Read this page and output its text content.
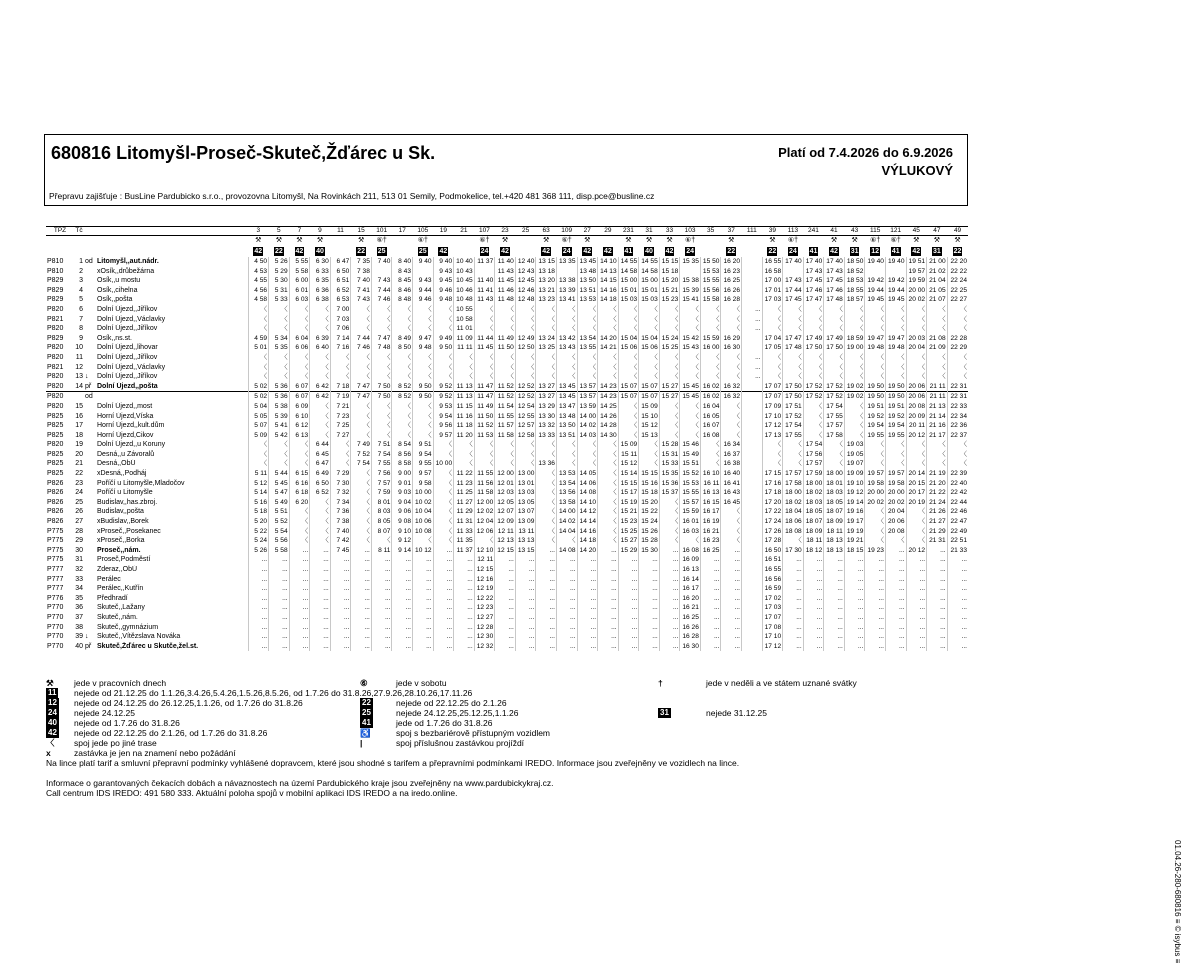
680816 Litomyšl-Proseč-Skuteč,Žďárec u Sk.	Platí od 7.4.2026 do 6.9.2026
VÝLUKOVÝ
Přepravu zajišťuje : BusLine Pardubicko s.r.o., provozovna Litomyšl, Na Rovinkách 211, 513 01 Semily, Podmokelice, tel.+420 481 368 111, disp.pce@busline.cz
TPZ	Tč			3	5	7	9	11	15	101	17	105	19	21	107	23	25	63	109	27	29	231	31	33	103	35	37	111	39	113	241	41	43	115	121	45	47	49
				⚒	⚒	⚒	⚒		⚒	⑥†		⑥†			⑥†	⚒		⚒	⑥†	⚒		⚒	⚒	⚒	⑥†		⚒		⚒	⑥†		⚒	⚒	⑥†	⑥†	⚒	⚒	⚒
				42	22	42	40		22	25		25	42		24	42		42	24	42	42	41	40	42	24		22		22	24	41	42	31	12	41	42	31	22
P810	1	od	Litomyšl,,aut.nádr.	4 50	5 26	5 55	6 30	6 47	7 35	7 40	8 40	9 40	9 40	10 40	11 37	11 40	12 40	13 15	13 35	13 45	14 10	14 55	14 55	15 15	15 35	15 50	16 20		16 55	17 40	17 40	17 40	18 50	19 40	19 40	19 51	21 00	22 20
P810	2		xOsík,,drůbežárna	4 53	5 29	5 58	6 33	6 50	7 38		8 43		9 43	10 43		11 43	12 43	13 18		13 48	14 13	14 58	14 58	15 18		15 53	16 23		16 58		17 43	17 43	18 52			19 57	21 02	22 22
P829	3		Osík,,u mostu	4 55	5 30	6 00	6 35	6 51	7 40	7 43	8 45	9 43	9 45	10 45	11 40	11 45	12 45	13 20	13 38	13 50	14 15	15 00	15 00	15 20	15 38	15 55	16 25		17 00	17 43	17 45	17 45	18 53	19 42	19 42	19 59	21 04	22 24
P829	4		Osík,,cihelna	4 56	5 31	6 01	6 36	6 52	7 41	7 44	8 46	9 44	9 46	10 46	11 41	11 46	12 46	13 21	13 39	13 51	14 16	15 01	15 01	15 21	15 39	15 56	16 26		17 01	17 44	17 46	17 46	18 55	19 44	19 44	20 00	21 05	22 25
P829	5		Osík,,pošta	4 58	5 33	6 03	6 38	6 53	7 43	7 46	8 48	9 46	9 48	10 48	11 43	11 48	12 48	13 23	13 41	13 53	14 18	15 03	15 03	15 23	15 41	15 58	16 28		17 03	17 45	17 47	17 48	18 57	19 45	19 45	20 02	21 07	22 27
P820	6		Dolní Újezd,,Jiříkov	〈	〈	〈	〈	7 00	〈	〈	〈	〈	〈	10 55	〈	〈	〈	〈	〈	〈	〈	〈	〈	〈	〈	〈	〈	...	〈	〈	〈	〈	〈	〈	〈	〈	〈	〈
P821	7		Dolní Újezd,,Václavky	〈	〈	〈	〈	7 03	〈	〈	〈	〈	〈	10 58	〈	〈	〈	〈	〈	〈	〈	〈	〈	〈	〈	〈	〈	...	〈	〈	〈	〈	〈	〈	〈	〈	〈	〈
P820	8		Dolní Újezd,,Jiříkov	〈	〈	〈	〈	7 06	〈	〈	〈	〈	〈	11 01	〈	〈	〈	〈	〈	〈	〈	〈	〈	〈	〈	〈	〈	...	〈	〈	〈	〈	〈	〈	〈	〈	〈	〈
P829	9		Osík,,ns.st.	4 59	5 34	6 04	6 39	7 14	7 44	7 47	8 49	9 47	9 49	11 09	11 44	11 49	12 49	13 24	13 42	13 54	14 20	15 04	15 04	15 24	15 42	15 59	16 29		17 04	17 47	17 49	17 49	18 59	19 47	19 47	20 03	21 08	22 28
P820	10		Dolní Újezd,,lihovar	5 01	5 35	6 06	6 40	7 16	7 46	7 48	8 50	9 48	9 50	11 11	11 45	11 50	12 50	13 25	13 43	13 55	14 21	15 06	15 06	15 25	15 43	16 00	16 30		17 05	17 48	17 50	17 50	19 00	19 48	19 48	20 04	21 09	22 29
P820	11		Dolní Újezd,,Jiříkov	〈	〈	〈	〈	〈	〈	〈	〈	〈	〈	〈	〈	〈	〈	〈	〈	〈	〈	〈	〈	〈	〈	〈	〈	...	〈	〈	〈	〈	〈	〈	〈	〈	〈	〈
P821	12		Dolní Újezd,,Václavky	〈	〈	〈	〈	〈	〈	〈	〈	〈	〈	〈	〈	〈	〈	〈	〈	〈	〈	〈	〈	〈	〈	〈	〈	...	〈	〈	〈	〈	〈	〈	〈	〈	〈	〈
P820	13	↓	Dolní Újezd,,Jiříkov	〈	〈	〈	〈	〈	〈	〈	〈	〈	〈	〈	〈	〈	〈	〈	〈	〈	〈	〈	〈	〈	〈	〈	〈	...	〈	〈	〈	〈	〈	〈	〈	〈	〈	〈
P820	14	př	Dolní Újezd,,pošta	5 02	5 36	6 07	6 42	7 18	7 47	7 50	8 52	9 50	9 52	11 13	11 47	11 52	12 52	13 27	13 45	13 57	14 23	15 07	15 07	15 27	15 45	16 02	16 32		17 07	17 50	17 52	17 52	19 02	19 50	19 50	20 06	21 11	22 31
P820		od		5 02	5 36	6 07	6 42	7 19	7 47	7 50	8 52	9 50	9 52	11 13	11 47	11 52	12 52	13 27	13 45	13 57	14 23	15 07	15 07	15 27	15 45	16 02	16 32		17 07	17 50	17 52	17 52	19 02	19 50	19 50	20 06	21 11	22 31
P820	15		Dolní Újezd,,most	5 04	5 38	6 09	〈	7 21	〈	〈	〈	〈	9 53	11 15	11 49	11 54	12 54	13 29	13 47	13 59	14 25	〈	15 09	〈	〈	16 04	〈		17 09	17 51	〈	17 54	〈	19 51	19 51	20 08	21 13	22 33
P825	16		Horní Újezd,Víska	5 05	5 39	6 10	〈	7 23	〈	〈	〈	〈	9 54	11 16	11 50	11 55	12 55	13 30	13 48	14 00	14 26	〈	15 10	〈	〈	16 05	〈		17 10	17 52	〈	17 55	〈	19 52	19 52	20 09	21 14	22 34
P825	17		Horní Újezd,,kult.dům	5 07	5 41	6 12	〈	7 25	〈	〈	〈	〈	9 56	11 18	11 52	11 57	12 57	13 32	13 50	14 02	14 28	〈	15 12	〈	〈	16 07	〈		17 12	17 54	〈	17 57	〈	19 54	19 54	20 11	21 16	22 36
P825	18		Horní Újezd,Cikov	5 09	5 42	6 13	〈	7 27	〈	〈	〈	〈	9 57	11 20	11 53	11 58	12 58	13 33	13 51	14 03	14 30	〈	15 13	〈	〈	16 08	〈		17 13	17 55	〈	17 58	〈	19 55	19 55	20 12	21 17	22 37
P820	19		Dolní Újezd,,u Koruny	〈	〈	〈	6 44	〈	7 49	7 51	8 54	9 51	〈	〈	〈	〈	〈	〈	〈	〈	〈	15 09	〈	15 28	15 46	〈	16 34		〈	〈	17 54	〈	19 03	〈	〈	〈	〈	〈
P825	20		Desná,,u Závoralů	〈	〈	〈	6 45	〈	7 52	7 54	8 56	9 54	〈	〈	〈	〈	〈	〈	〈	〈	〈	15 11	〈	15 31	15 49	〈	16 37		〈	〈	17 56	〈	19 05	〈	〈	〈	〈	〈
P825	21		Desná,,ObÚ	〈	〈	〈	6 47	〈	7 54	7 55	8 58	9 55	10 00	〈	〈	〈	〈	13 36	〈	〈	〈	15 12	〈	15 33	15 51	〈	16 38		〈	〈	17 57	〈	19 07	〈	〈	〈	〈	〈
P825	22		xDesná,,Podháj	5 11	5 44	6 15	6 49	7 29	〈	7 56	9 00	9 57	〈	11 22	11 55	12 00	13 00	〈	13 53	14 05	〈	15 14	15 15	15 35	15 52	16 10	16 40		17 15	17 57	17 59	18 00	19 09	19 57	19 57	20 14	21 19	22 39
P826	23		Poříčí u Litomyšle,Mladočov	5 12	5 45	6 16	6 50	7 30	〈	7 57	9 01	9 58	〈	11 23	11 56	12 01	13 01	〈	13 54	14 06	〈	15 15	15 16	15 36	15 53	16 11	16 41		17 16	17 58	18 00	18 01	19 10	19 58	19 58	20 15	21 20	22 40
P826	24		Poříčí u Litomyšle	5 14	5 47	6 18	6 52	7 32	〈	7 59	9 03	10 00	〈	11 25	11 58	12 03	13 03	〈	13 56	14 08	〈	15 17	15 18	15 37	15 55	16 13	16 43		17 18	18 00	18 02	18 03	19 12	20 00	20 00	20 17	21 22	22 42
P826	25		Budislav,,has.zbroj.	5 16	5 49	6 20	〈	7 34	〈	8 01	9 04	10 02	〈	11 27	12 00	12 05	13 05	〈	13 58	14 10	〈	15 19	15 20	〈	15 57	16 15	16 45		17 20	18 02	18 03	18 05	19 14	20 02	20 02	20 19	21 24	22 44
P826	26		Budislav,,pošta	5 18	5 51	〈	〈	7 36	〈	8 03	9 06	10 04	〈	11 29	12 02	12 07	13 07	〈	14 00	14 12	〈	15 21	15 22	〈	15 59	16 17	〈		17 22	18 04	18 05	18 07	19 16	〈	20 04	〈	21 26	22 46
P826	27		xBudislav,,Borek	5 20	5 52	〈	〈	7 38	〈	8 05	9 08	10 06	〈	11 31	12 04	12 09	13 09	〈	14 02	14 14	〈	15 23	15 24	〈	16 01	16 19	〈		17 24	18 06	18 07	18 09	19 17	〈	20 06	〈	21 27	22 47
P775	28		xProseč,,Posekanec	5 22	5 54	〈	〈	7 40	〈	8 07	9 10	10 08	〈	11 33	12 06	12 11	13 11	〈	14 04	14 16	〈	15 25	15 26	〈	16 03	16 21	〈		17 26	18 08	18 09	18 11	19 19	〈	20 08	〈	21 29	22 49
P775	29		xProseč,,Borka	5 24	5 56	〈	〈	7 42	〈	〈	9 12	〈	〈	11 35	〈	12 13	13 13	〈	〈	14 18	〈	15 27	15 28	〈	〈	16 23	〈		17 28	〈	18 11	18 13	19 21	〈	〈	〈	21 31	22 51
P775	30		Proseč,,nám.	5 26	5 58	...	...	7 45	...	8 11	9 14	10 12	...	11 37	12 10	12 15	13 15	...	14 08	14 20	...	15 29	15 30	...	16 08	16 25	...		16 50	17 30	18 12	18 13	18 15	19 23	...	20 12	...	21 33
P775	31		Proseč,Podměstí	...	...	...	...	...	...	...	...	...	...	...	12 11	...	...	...	...	...	...	...	...	...	16 09	...	...		16 51	...	...	...	...	...	...	...	...	...
P777	32		Zderaz,,ObÚ	...	...	...	...	...	...	...	...	...	...	...	12 15	...	...	...	...	...	...	...	...	...	16 13	...	...		16 55	...	...	...	...	...	...	...	...	...
P777	33		Perálec	...	...	...	...	...	...	...	...	...	...	...	12 16	...	...	...	...	...	...	...	...	...	16 14	...	...		16 56	...	...	...	...	...	...	...	...	...
P777	34		Perálec,,Kutřín	...	...	...	...	...	...	...	...	...	...	...	12 19	...	...	...	...	...	...	...	...	...	16 17	...	...		16 59	...	...	...	...	...	...	...	...	...
P776	35		Předhradí	...	...	...	...	...	...	...	...	...	...	...	12 22	...	...	...	...	...	...	...	...	...	16 20	...	...		17 02	...	...	...	...	...	...	...	...	...
P770	36		Skuteč,,Lažany	...	...	...	...	...	...	...	...	...	...	...	12 23	...	...	...	...	...	...	...	...	...	16 21	...	...		17 03	...	...	...	...	...	...	...	...	...
P770	37		Skuteč,,nám.	...	...	...	...	...	...	...	...	...	...	...	12 27	...	...	...	...	...	...	...	...	...	16 25	...	...		17 07	...	...	...	...	...	...	...	...	...
P770	38		Skuteč,,gymnázium	...	...	...	...	...	...	...	...	...	...	...	12 28	...	...	...	...	...	...	...	...	...	16 26	...	...		17 08	...	...	...	...	...	...	...	...	...
P770	39	↓	Skuteč,,Vítězslava Nováka	...	...	...	...	...	...	...	...	...	...	...	12 30	...	...	...	...	...	...	...	...	...	16 28	...	...		17 10	...	...	...	...	...	...	...	...	...
P770	40	př	Skuteč,Žďárec u Skutče,žel.st.	...	...	...	...	...	...	...	...	...	...	...	12 32	...	...	...	...	...	...	...	...	...	16 30	...	...		17 12	...	...	...	...	...	...	...	...	...
⚒ jede v pracovních dnech	⑥	jede v sobotu	†	jede v neděli a ve státem uznané svátky
11 nejede od 21.12.25 do 1.1.26,3.4.26,5.4.26,1.5.26,8.5.26, od 1.7.26 do 31.8.26,27.9.26,28.10.26,17.11.26
12 nejede od 24.12.25 do 26.12.25,1.1.26, od 1.7.26 do 31.8.26	22	nejede od 22.12.25 do 2.1.26
24 nejede 24.12.25	25	nejede 24.12.25,25.12.25,1.1.26	31	nejede 31.12.25
40 nejede od 1.7.26 do 31.8.26	41	jede od 1.7.26 do 31.8.26
42 nejede od 22.12.25 do 2.1.26, od 1.7.26 do 31.8.26	♿	spoj s bezbariérově přístupným vozidlem
〈 spoj jede po jiné trase	|	spoj příslušnou zastávkou projíždí
x	zastávka je jen na znamení nebo požádání
Na lince platí tarif a smluvní přepravní podmínky vyhlášené dopravcem, které jsou shodné s tarifem a přepravními podmínkami IREDO. Informace jsou zveřejněny ve vozidlech na lince.
Informace o garantovaných čekacích dobách a návaznostech na území Pardubického kraje jsou zveřejněny na www.pardubickykraj.cz.
Call centrum IDS IREDO: 491 580 333. Aktuální poloha spojů v mobilní aplikaci IDS IREDO a na iredo.online.
01.04.26-280-680816 ≡ © isybus ≡
